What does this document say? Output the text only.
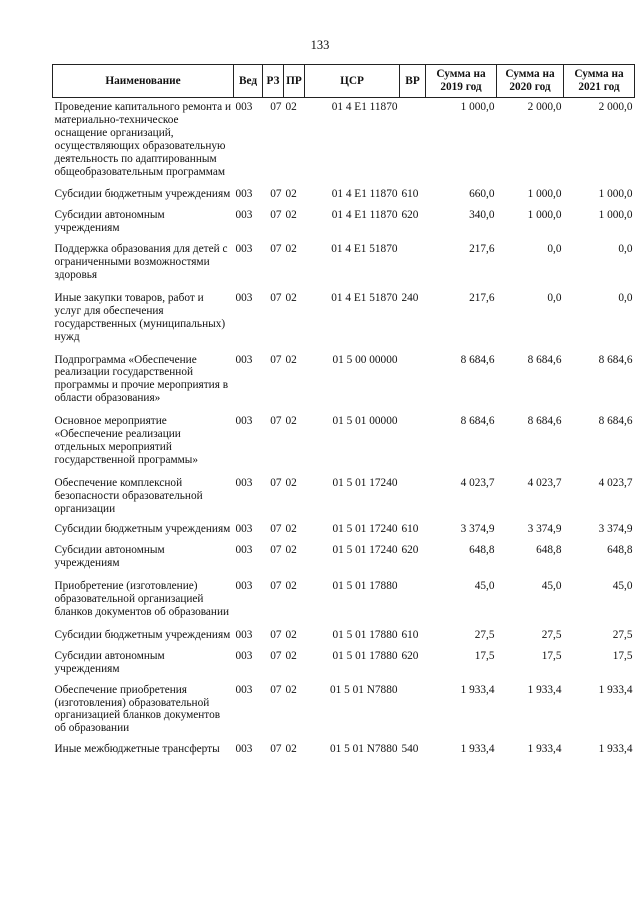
133
Наименование	Вед	РЗ	ПР	ЦСР	ВР	Сумма на 2019 год	Сумма на 2020 год	Сумма на 2021 год
Проведение капитального ремонта и материально-техническое оснащение организаций, осуществляющих образовательную деятельность по адаптированным общеобразовательным программам	003	07	02	01 4 E1 11870		1 000,0	2 000,0	2 000,0
Субсидии бюджетным учреждениям	003	07	02	01 4 E1 11870	610	660,0	1 000,0	1 000,0
Субсидии автономным учреждениям	003	07	02	01 4 E1 11870	620	340,0	1 000,0	1 000,0
Поддержка образования для детей с ограниченными возможностями здоровья	003	07	02	01 4 E1 51870		217,6	0,0	0,0
Иные закупки товаров, работ и услуг для обеспечения государственных (муниципальных) нужд	003	07	02	01 4 E1 51870	240	217,6	0,0	0,0
Подпрограмма «Обеспечение реализации государственной программы и прочие мероприятия в области образования»	003	07	02	01 5 00 00000		8 684,6	8 684,6	8 684,6
Основное мероприятие «Обеспечение реализации отдельных мероприятий государственной программы»	003	07	02	01 5 01 00000		8 684,6	8 684,6	8 684,6
Обеспечение комплексной безопасности образовательной организации	003	07	02	01 5 01 17240		4 023,7	4 023,7	4 023,7
Субсидии бюджетным учреждениям	003	07	02	01 5 01 17240	610	3 374,9	3 374,9	3 374,9
Субсидии автономным учреждениям	003	07	02	01 5 01 17240	620	648,8	648,8	648,8
Приобретение (изготовление) образовательной организацией бланков документов об образовании	003	07	02	01 5 01 17880		45,0	45,0	45,0
Субсидии бюджетным учреждениям	003	07	02	01 5 01 17880	610	27,5	27,5	27,5
Субсидии автономным учреждениям	003	07	02	01 5 01 17880	620	17,5	17,5	17,5
Обеспечение приобретения (изготовления) образовательной организацией бланков документов об образовании	003	07	02	01 5 01 N7880		1 933,4	1 933,4	1 933,4
Иные межбюджетные трансферты	003	07	02	01 5 01 N7880	540	1 933,4	1 933,4	1 933,4
